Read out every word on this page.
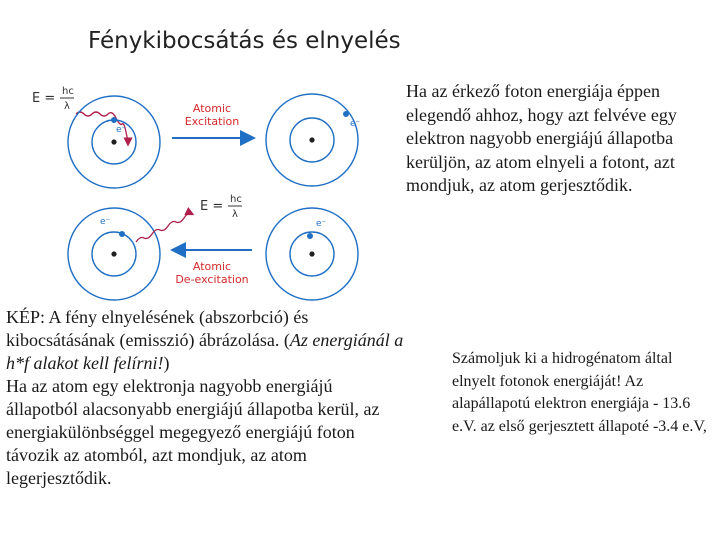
Fénykibocsátás és elnyelés
E = hc
λ
e⁻
Atomic
Excitation	e⁻
E = hc
λ
e⁻
Atomic
De-excitation
e⁻

Ha az érkező foton energiája éppen elegendő ahhoz, hogy azt felvéve egy elektron nagyobb energiájú állapotba kerüljön, az atom elnyeli a fotont, azt mondjuk, az atom gerjesztődik.

KÉP: A fény elnyelésének (abszorbció) és kibocsátásának (emisszió) ábrázolása. (Az energiánál a h*f alakot kell felírni!)
Ha az atom egy elektronja nagyobb energiájú állapotból alacsonyabb energiájú állapotba kerül, az energiakülönbséggel megegyező energiájú foton távozik az atomból, azt mondjuk, az atom legerjesztődik.

Számoljuk ki a hidrogénatom által elnyelt fotonok energiáját! Az alapállapotú elektron energiája - 13.6 e.V. az első gerjesztett állapoté -3.4 e.V,
